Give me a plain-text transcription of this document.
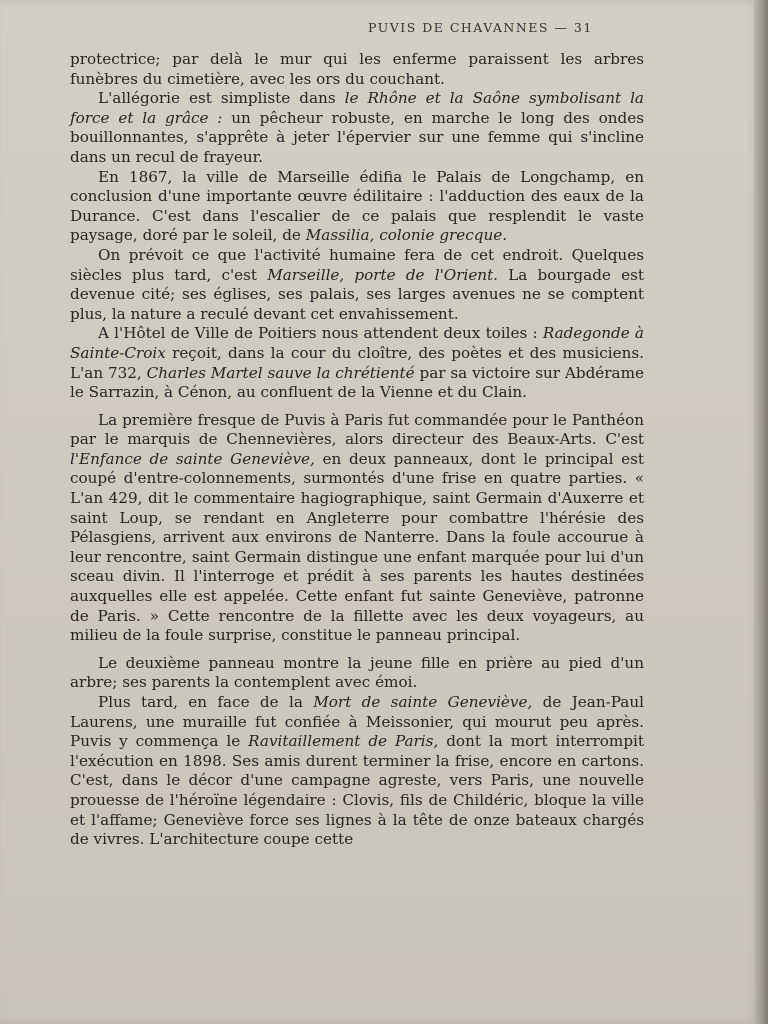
PUVIS DE CHAVANNES — 31

protectrice; par delà le mur qui les enferme paraissent les arbres funèbres du cimetière, avec les ors du couchant.

L'allégorie est simpliste dans le Rhône et la Saône symbolisant la force et la grâce : un pêcheur robuste, en marche le long des ondes bouillonnantes, s'apprête à jeter l'épervier sur une femme qui s'incline dans un recul de frayeur.

En 1867, la ville de Marseille édifia le Palais de Longchamp, en conclusion d'une importante œuvre édilitaire : l'adduction des eaux de la Durance. C'est dans l'escalier de ce palais que resplendit le vaste paysage, doré par le soleil, de Massilia, colonie grecque.

On prévoit ce que l'activité humaine fera de cet endroit. Quelques siècles plus tard, c'est Marseille, porte de l'Orient. La bourgade est devenue cité; ses églises, ses palais, ses larges avenues ne se comptent plus, la nature a reculé devant cet envahissement.

A l'Hôtel de Ville de Poitiers nous attendent deux toiles : Radegonde à Sainte-Croix reçoit, dans la cour du cloître, des poètes et des musiciens. L'an 732, Charles Martel sauve la chrétienté par sa victoire sur Abdérame le Sarrazin, à Cénon, au confluent de la Vienne et du Clain.

La première fresque de Puvis à Paris fut commandée pour le Panthéon par le marquis de Chennevières, alors directeur des Beaux-Arts. C'est l'Enfance de sainte Geneviève, en deux panneaux, dont le principal est coupé d'entre-colonnements, surmontés d'une frise en quatre parties. « L'an 429, dit le commentaire hagiographique, saint Germain d'Auxerre et saint Loup, se rendant en Angleterre pour combattre l'hérésie des Pélasgiens, arrivent aux environs de Nanterre. Dans la foule accourue à leur rencontre, saint Germain distingue une enfant marquée pour lui d'un sceau divin. Il l'interroge et prédit à ses parents les hautes destinées auxquelles elle est appelée. Cette enfant fut sainte Geneviève, patronne de Paris. » Cette rencontre de la fillette avec les deux voyageurs, au milieu de la foule surprise, constitue le panneau principal.

Le deuxième panneau montre la jeune fille en prière au pied d'un arbre; ses parents la contemplent avec émoi.

Plus tard, en face de la Mort de sainte Geneviève, de Jean-Paul Laurens, une muraille fut confiée à Meissonier, qui mourut peu après. Puvis y commença le Ravitaillement de Paris, dont la mort interrompit l'exécution en 1898. Ses amis durent terminer la frise, encore en cartons. C'est, dans le décor d'une campagne agreste, vers Paris, une nouvelle prouesse de l'héroïne légendaire : Clovis, fils de Childéric, bloque la ville et l'affame; Geneviève force ses lignes à la tête de onze bateaux chargés de vivres. L'architecture coupe cette
